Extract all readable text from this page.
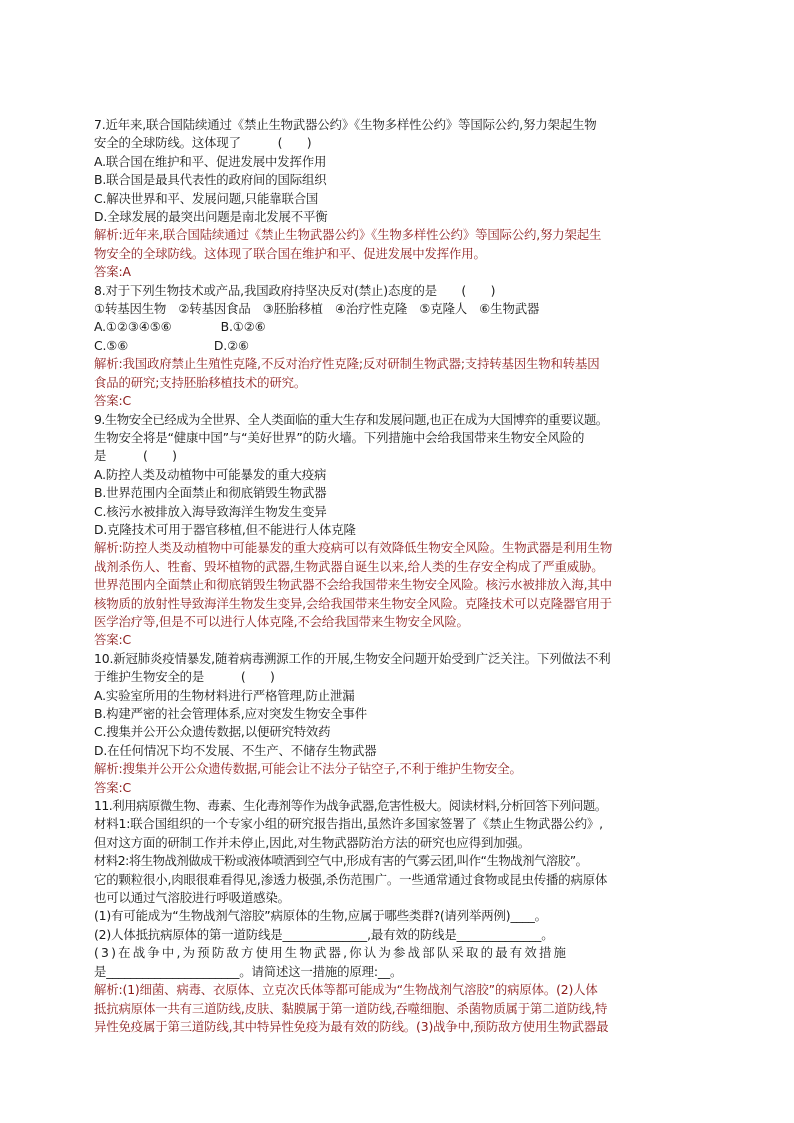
7.近年来,联合国陆续通过《禁止生物武器公约》《生物多样性公约》等国际公约,努力架起生物
安全的全球防线。这体现了　　　(　　)
A.联合国在维护和平、促进发展中发挥作用
B.联合国是最具代表性的政府间的国际组织
C.解决世界和平、发展问题,只能靠联合国
D.全球发展的最突出问题是南北发展不平衡
解析:近年来,联合国陆续通过《禁止生物武器公约》《生物多样性公约》等国际公约,努力架起生
物安全的全球防线。这体现了联合国在维护和平、促进发展中发挥作用。
答案:A
8.对于下列生物技术或产品,我国政府持坚决反对(禁止)态度的是　　(　　)
①转基因生物　②转基因食品　③胚胎移植　④治疗性克隆　⑤克隆人　⑥生物武器
A.①②③④⑤⑥　　　　B.①②⑥
C.⑤⑥　　　　　　　D.②⑥
解析:我国政府禁止生殖性克隆,不反对治疗性克隆;反对研制生物武器;支持转基因生物和转基因
食品的研究;支持胚胎移植技术的研究。
答案:C
9.生物安全已经成为全世界、全人类面临的重大生存和发展问题,也正在成为大国博弈的重要议题。
生物安全将是“健康中国”与“美好世界”的防火墙。下列措施中会给我国带来生物安全风险的
是　　　(　　)
A.防控人类及动植物中可能暴发的重大疫病
B.世界范围内全面禁止和彻底销毁生物武器
C.核污水被排放入海导致海洋生物发生变异
D.克隆技术可用于器官移植,但不能进行人体克隆
解析:防控人类及动植物中可能暴发的重大疫病可以有效降低生物安全风险。生物武器是利用生物
战剂杀伤人、牲畜、毁坏植物的武器,生物武器自诞生以来,给人类的生存安全构成了严重威胁。
世界范围内全面禁止和彻底销毁生物武器不会给我国带来生物安全风险。核污水被排放入海,其中
核物质的放射性导致海洋生物发生变异,会给我国带来生物安全风险。克隆技术可以克隆器官用于
医学治疗等,但是不可以进行人体克隆,不会给我国带来生物安全风险。
答案:C
10.新冠肺炎疫情暴发,随着病毒溯源工作的开展,生物安全问题开始受到广泛关注。下列做法不利
于维护生物安全的是　　　(　　)
A.实验室所用的生物材料进行严格管理,防止泄漏
B.构建严密的社会管理体系,应对突发生物安全事件
C.搜集并公开公众遗传数据,以便研究特效药
D.在任何情况下均不发展、不生产、不储存生物武器
解析:搜集并公开公众遗传数据,可能会让不法分子钻空子,不利于维护生物安全。
答案:C
11.利用病原微生物、毒素、生化毒剂等作为战争武器,危害性极大。阅读材料,分析回答下列问题。
材料1:联合国组织的一个专家小组的研究报告指出,虽然许多国家签署了《禁止生物武器公约》,
但对这方面的研制工作并未停止,因此,对生物武器防治方法的研究也应得到加强。
材料2:将生物战剂做成干粉或液体喷洒到空气中,形成有害的气雾云团,叫作“生物战剂气溶胶”。
它的颗粒很小,肉眼很难看得见,渗透力极强,杀伤范围广。一些通常通过食物或昆虫传播的病原体
也可以通过气溶胶进行呼吸道感染。
(1)有可能成为“生物战剂气溶胶”病原体的生物,应属于哪些类群?(请列举两例)____。
(2)人体抵抗病原体的第一道防线是______________,最有效的防线是______________。
(3)在战争中,为预防敌方使用生物武器,你认为参战部队采取的最有效措施
是______________________。请简述这一措施的原理:__。
解析:(1)细菌、病毒、衣原体、立克次氏体等都可能成为“生物战剂气溶胶”的病原体。(2)人体
抵抗病原体一共有三道防线,皮肤、黏膜属于第一道防线,吞噬细胞、杀菌物质属于第二道防线,特
异性免疫属于第三道防线,其中特异性免疫为最有效的防线。(3)战争中,预防敌方使用生物武器最
